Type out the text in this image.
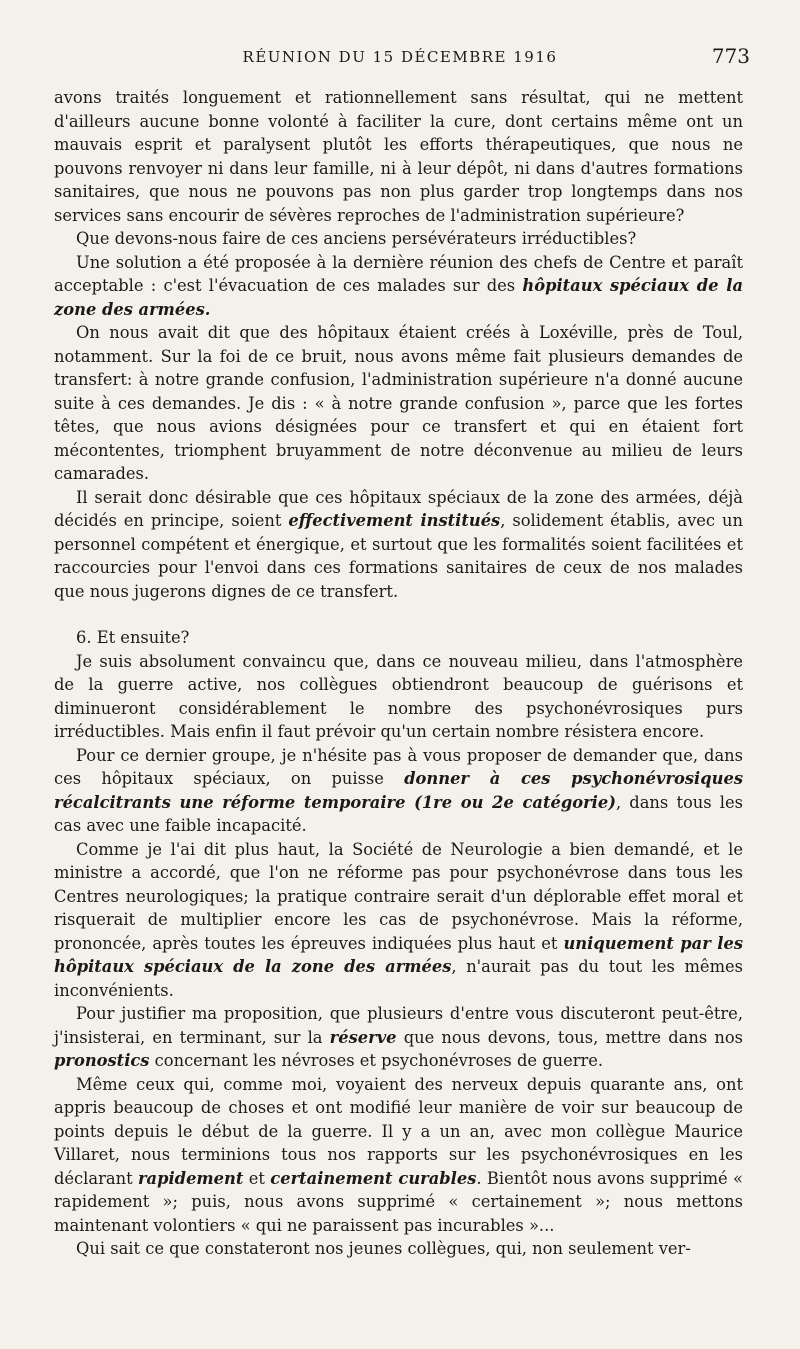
RÉUNION DU 15 DÉCEMBRE 1916	773

avons traités longuement et rationnellement sans résultat, qui ne mettent d'ailleurs aucune bonne volonté à faciliter la cure, dont certains même ont un mauvais esprit et paralysent plutôt les efforts thérapeutiques, que nous ne pouvons renvoyer ni dans leur famille, ni à leur dépôt, ni dans d'autres formations sanitaires, que nous ne pouvons pas non plus garder trop longtemps dans nos services sans encourir de sévères reproches de l'administration supérieure?

Que devons-nous faire de ces anciens persévérateurs irréductibles?

Une solution a été proposée à la dernière réunion des chefs de Centre et paraît acceptable : c'est l'évacuation de ces malades sur des hôpitaux spéciaux de la zone des armées.

On nous avait dit que des hôpitaux étaient créés à Loxéville, près de Toul, notamment. Sur la foi de ce bruit, nous avons même fait plusieurs demandes de transfert: à notre grande confusion, l'administration supérieure n'a donné aucune suite à ces demandes. Je dis : « à notre grande confusion », parce que les fortes têtes, que nous avions désignées pour ce transfert et qui en étaient fort mécontentes, triomphent bruyamment de notre déconvenue au milieu de leurs camarades.

Il serait donc désirable que ces hôpitaux spéciaux de la zone des armées, déjà décidés en principe, soient effectivement institués, solidement établis, avec un personnel compétent et énergique, et surtout que les formalités soient facilitées et raccourcies pour l'envoi dans ces formations sanitaires de ceux de nos malades que nous jugerons dignes de ce transfert.

6. Et ensuite?

Je suis absolument convaincu que, dans ce nouveau milieu, dans l'atmosphère de la guerre active, nos collègues obtiendront beaucoup de guérisons et diminueront considérablement le nombre des psychonévrosiques purs irréductibles. Mais enfin il faut prévoir qu'un certain nombre résistera encore.

Pour ce dernier groupe, je n'hésite pas à vous proposer de demander que, dans ces hôpitaux spéciaux, on puisse donner à ces psychonévrosiques récalcitrants une réforme temporaire (1re ou 2e catégorie), dans tous les cas avec une faible incapacité.

Comme je l'ai dit plus haut, la Société de Neurologie a bien demandé, et le ministre a accordé, que l'on ne réforme pas pour psychonévrose dans tous les Centres neurologiques; la pratique contraire serait d'un déplorable effet moral et risquerait de multiplier encore les cas de psychonévrose. Mais la réforme, prononcée, après toutes les épreuves indiquées plus haut et uniquement par les hôpitaux spéciaux de la zone des armées, n'aurait pas du tout les mêmes inconvénients.

Pour justifier ma proposition, que plusieurs d'entre vous discuteront peut-être, j'insisterai, en terminant, sur la réserve que nous devons, tous, mettre dans nos pronostics concernant les névroses et psychonévroses de guerre.

Même ceux qui, comme moi, voyaient des nerveux depuis quarante ans, ont appris beaucoup de choses et ont modifié leur manière de voir sur beaucoup de points depuis le début de la guerre. Il y a un an, avec mon collègue Maurice Villaret, nous terminions tous nos rapports sur les psychonévrosiques en les déclarant rapidement et certainement curables. Bientôt nous avons supprimé « rapidement »; puis, nous avons supprimé « certainement »; nous mettons maintenant volontiers « qui ne paraissent pas incurables »...

Qui sait ce que constateront nos jeunes collègues, qui, non seulement ver-
